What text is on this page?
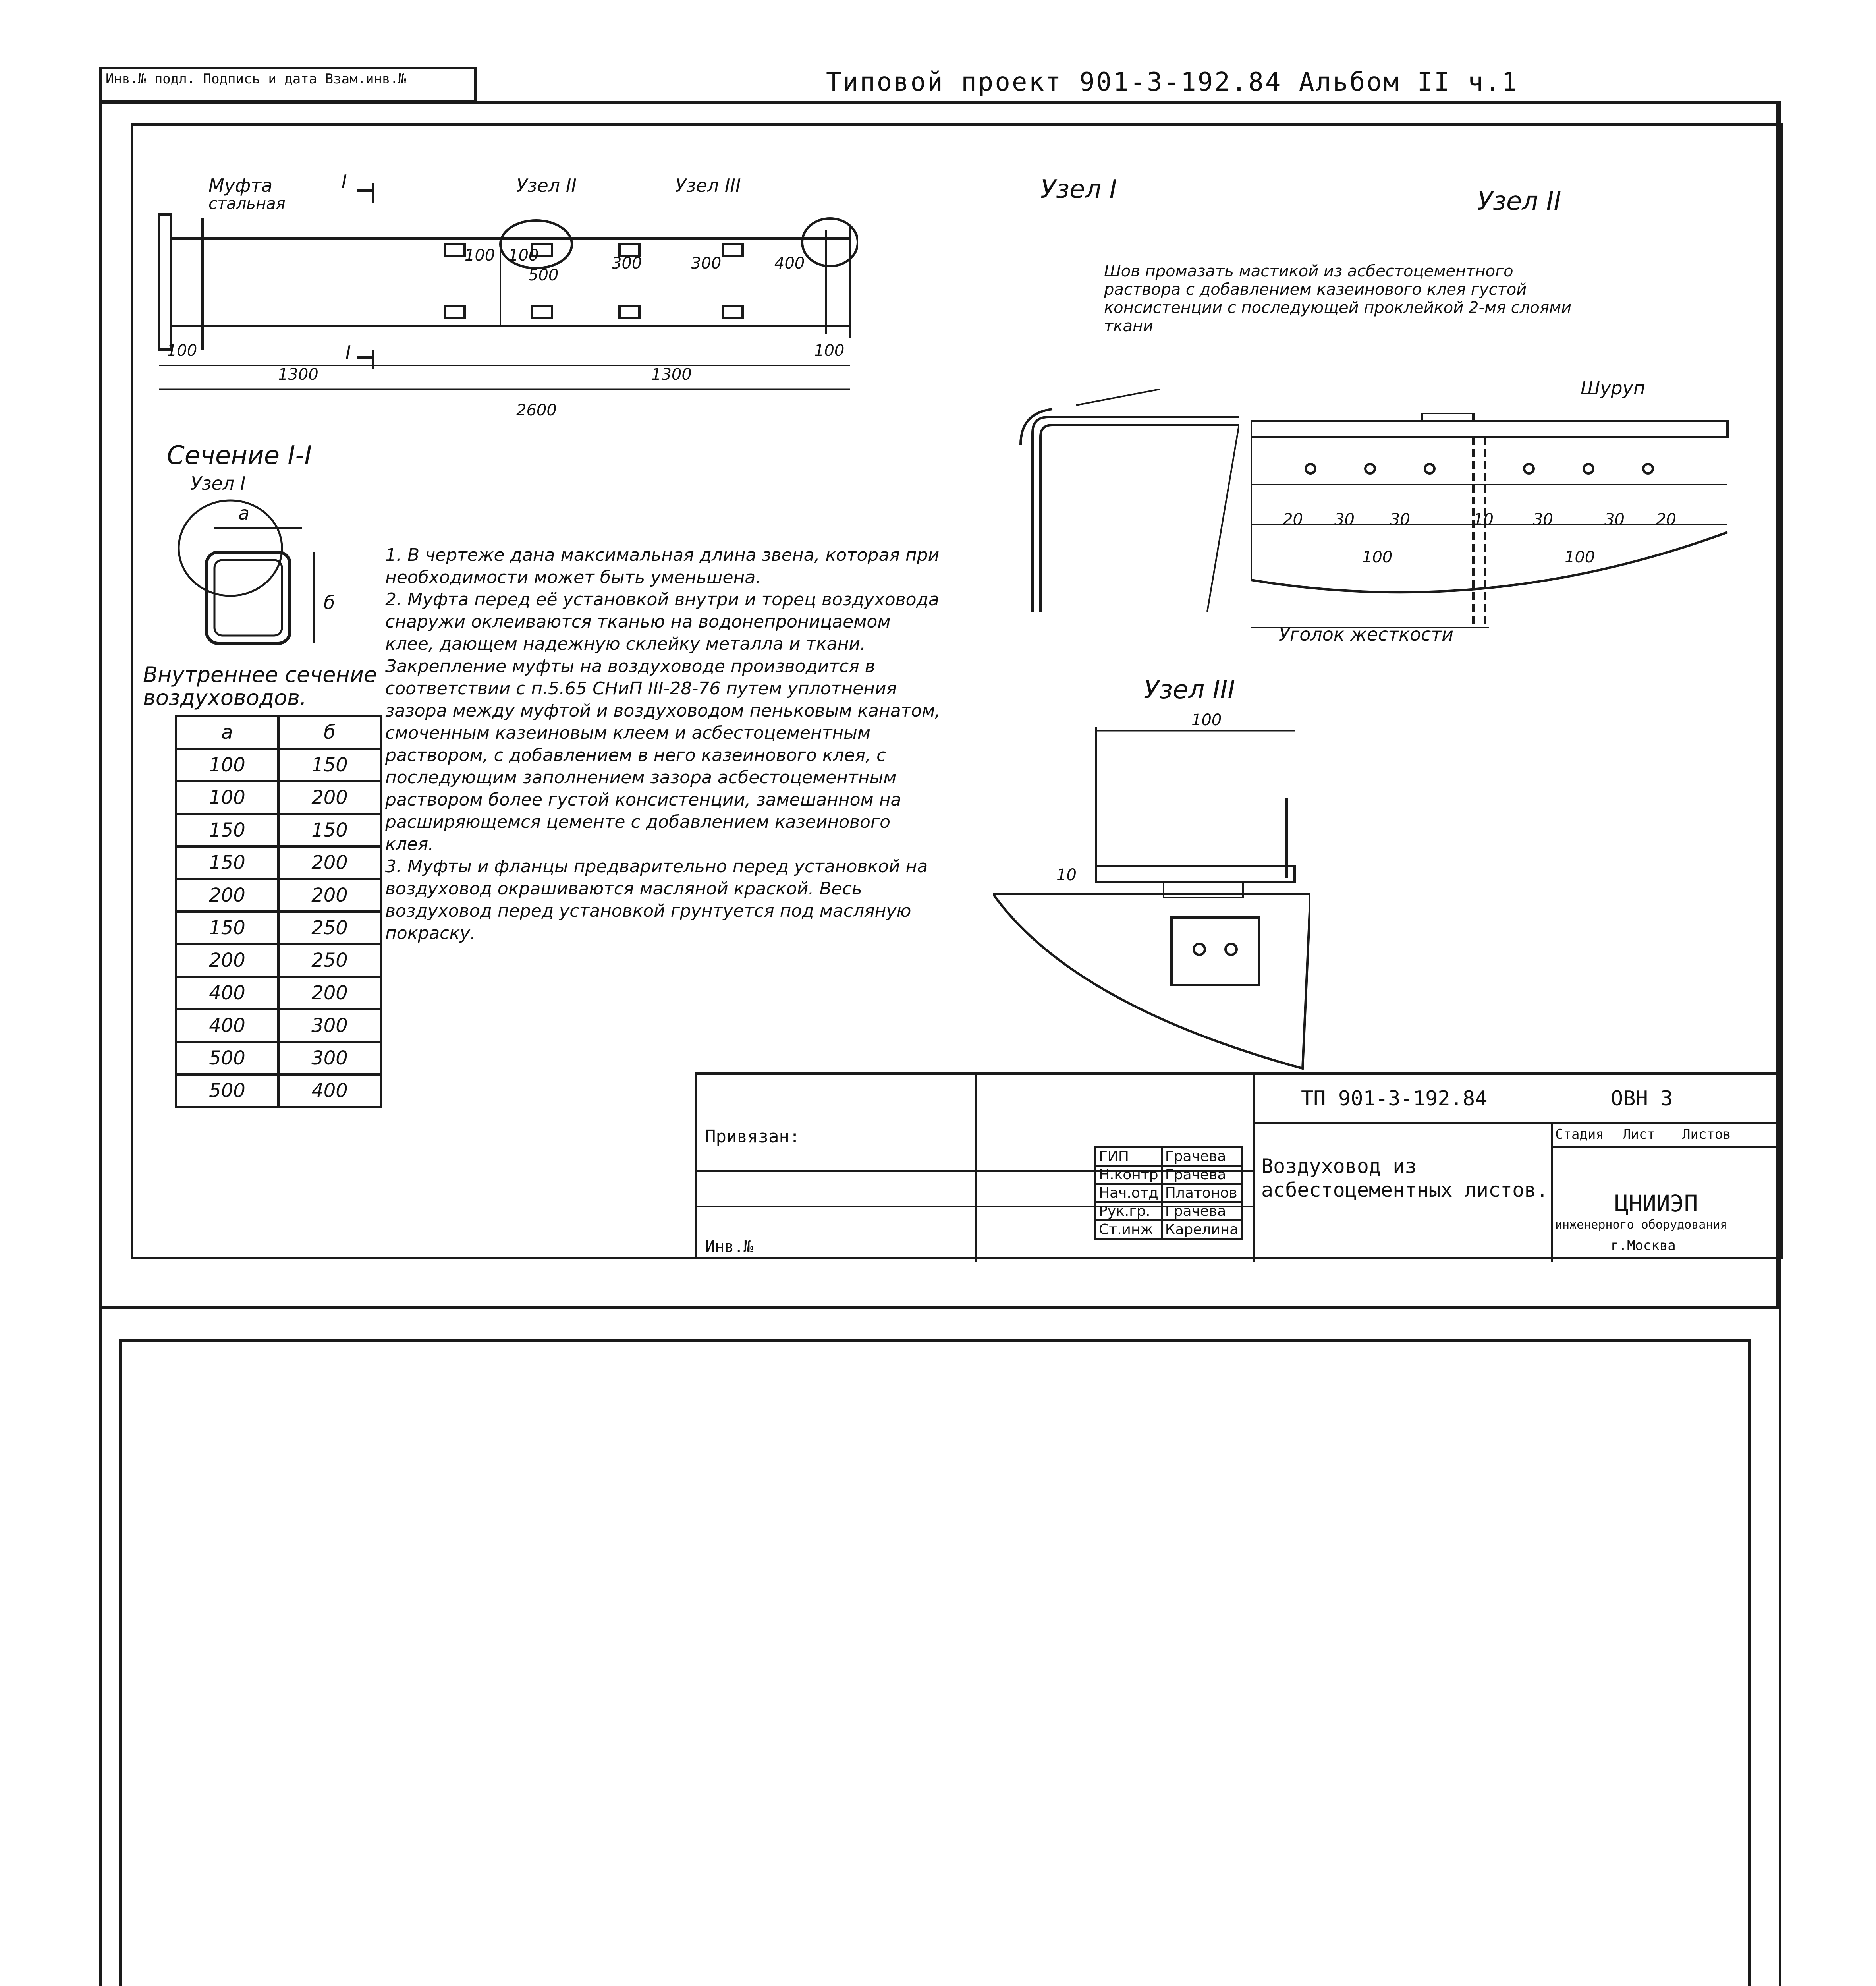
Инв.№ подл. Подпись и дата Взам.инв.№	Типовой проект 901-3-192.84 Альбом II ч.1
Муфта
стальная
I
I
Узел II	Узел III
100 100
500
300	300	400
100	100
1300	1300
2600
Сечение I-I
Узел I
a
б
Внутреннее сечение воздуховодов.
a	б
100	150
100	200
150	150
150	200
200	200
150	250
200	250
400	200
400	300
500	300
500	400

1. В чертеже дана максимальная длина звена, которая при необходимости может быть уменьшена.

2. Муфта перед её установкой внутри и торец воздуховода снаружи оклеиваются тканью на водонепроницаемом клее, дающем надежную склейку металла и ткани. Закрепление муфты на воздуховоде производится в соответствии с п.5.65 СНиП III-28-76 путем уплотнения зазора между муфтой и воздуховодом пеньковым канатом, смоченным казеиновым клеем и асбестоцементным раствором, с добавлением в него казеинового клея, с последующим заполнением зазора асбестоцементным раствором более густой консистенции, замешанном на расширяющемся цементе с добавлением казеинового клея.

3. Муфты и фланцы предварительно перед установкой на воздуховод окрашиваются масляной краской. Весь воздуховод перед установкой грунтуется под масляную покраску.

Узел I
Шов промазать мастикой из асбестоцементного раствора с добавлением казеинового клея густой консистенции с последующей проклейкой 2-мя слоями ткани
Узел II
Шуруп
20 30 30	10 30	30 20
100	100
Уголок жесткости
Узел III
100
10
Привязан:
Инв.№
ТП 901-3-192.84	ОВН 3
Воздуховод из асбестоцементных листов.
Стадия Лист Листов
ЦНИИЭП
инженерного оборудования
г.Москва
ГИП	Грачева
Н.контр	Грачева
Нач.отд	Платонов
Рук.гр.	Грачева
Ст.инж	Карелина
